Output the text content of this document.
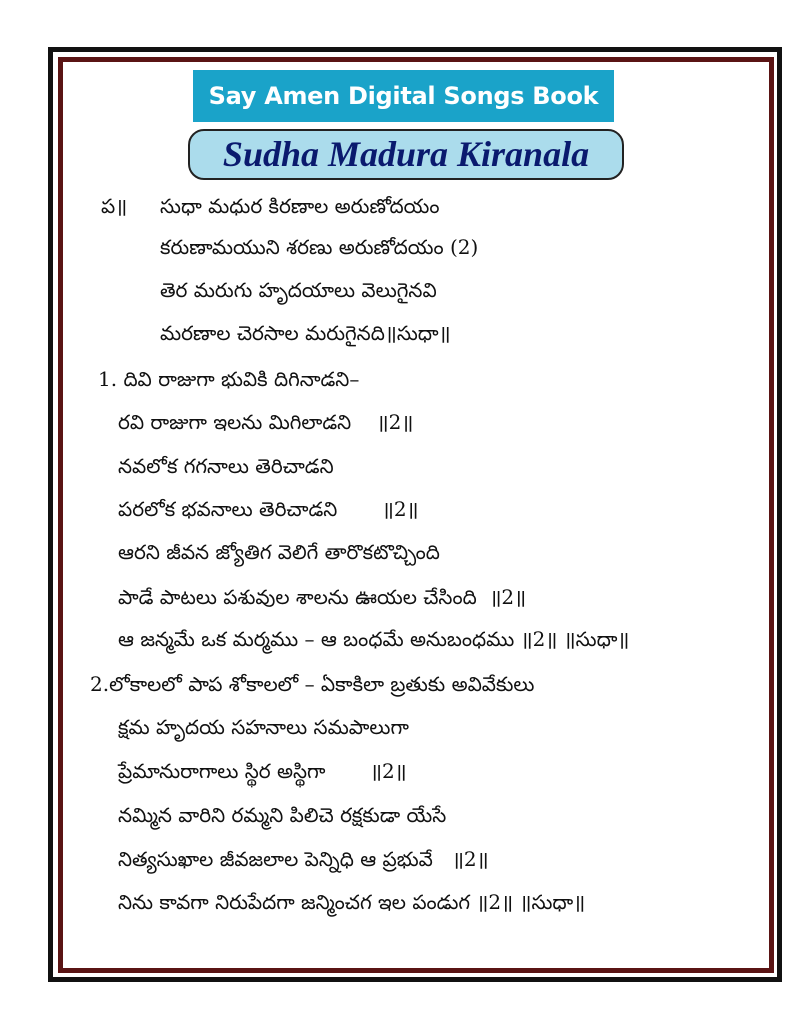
Say Amen Digital Songs Book
Sudha Madura Kiranala
ప॥ సుధా మధుర కిరణాల అరుణోదయం
కరుణామయుని శరణు అరుణోదయం (2)
తెర మరుగు హృదయాలు వెలుగైనవి
మరణాల చెరసాల మరుగైనది॥సుధా॥
1. దివి రాజుగా భువికి దిగినాడని–
రవి రాజుగా ఇలను మిగిలాడని    ॥2॥
నవలోక గగనాలు తెరిచాడని
పరలోక భవనాలు తెరిచాడని       ॥2॥
ఆరని జీవన జ్యోతిగ వెలిగే తారొకటొచ్చింది
పాడే పాటలు పశువుల శాలను ఊయల చేసింది  ॥2॥
ఆ జన్మమే ఒక మర్మము – ఆ బంధమే అనుబంధము ॥2॥ ॥సుధా॥
2.లోకాలలో పాప శోకాలలో – ఏకాకిలా బ్రతుకు అవివేకులు
క్షమ హృదయ సహనాలు సమపాలుగా
ప్రేమానురాగాలు స్థిర అస్థిగా       ॥2॥
నమ్మిన వారిని రమ్మని పిలిచె రక్షకుడా యేసే
నిత్యసుఖాల జీవజలాల పెన్నిధి ఆ ప్రభువే   ॥2॥
నిను కావగా నిరుపేదగా జన్మించగ ఇల పండుగ ॥2॥ ॥సుధా॥
